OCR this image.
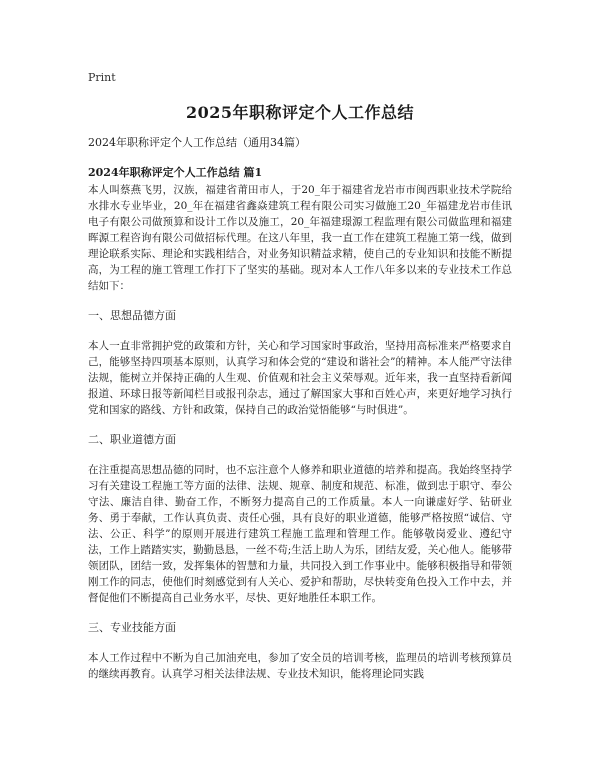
Print
2025年职称评定个人工作总结

2024年职称评定个人工作总结（通用34篇）

2024年职称评定个人工作总结 篇1

本人叫蔡燕飞男，汉族，福建省莆田市人，于20_年于福建省龙岩市市闽西职业技术学院给水排水专业毕业，20_年在福建省鑫焱建筑工程有限公司实习做施工20_年福建龙岩市佳讯电子有限公司做预算和设计工作以及施工，20_年福建璟源工程监理有限公司做监理和福建晖源工程咨询有限公司做招标代理。在这八年里，我一直工作在建筑工程施工第一线，做到理论联系实际、理论和实践相结合，对业务知识精益求精，使自己的专业知识和技能不断提高，为工程的施工管理工作打下了坚实的基础。现对本人工作八年多以来的专业技术工作总结如下：

一、思想品德方面

本人一直非常拥护党的政策和方针，关心和学习国家时事政治，坚持用高标准来严格要求自己，能够坚持四项基本原则，认真学习和体会党的“建设和谐社会”的精神。本人能严守法律法规，能树立并保持正确的人生观、价值观和社会主义荣辱观。近年来，我一直坚持看新闻报道、环球日报等新闻栏目或报刊杂志，通过了解国家大事和百姓心声，来更好地学习执行党和国家的路线、方针和政策，保持自己的政治觉悟能够“与时俱进”。

二、职业道德方面

在注重提高思想品德的同时，也不忘注意个人修养和职业道德的培养和提高。我始终坚持学习有关建设工程施工等方面的法律、法规、规章、制度和规范、标准，做到忠于职守、奉公守法、廉洁自律、勤奋工作，不断努力提高自己的工作质量。本人一向谦虚好学、钻研业务、勇于奉献，工作认真负责、责任心强，具有良好的职业道德，能够严格按照“诚信、守法、公正、科学”的原则开展进行建筑工程施工监理和管理工作。能够敬岗爱业、遵纪守法，工作上踏踏实实，勤勤恳恳，一丝不苟;生活上助人为乐，团结友爱，关心他人。能够带领团队，团结一致，发挥集体的智慧和力量，共同投入到工作事业中。能够积极指导和带领刚工作的同志，使他们时刻感觉到有人关心、爱护和帮助，尽快转变角色投入工作中去，并督促他们不断提高自己业务水平，尽快、更好地胜任本职工作。

三、专业技能方面

本人工作过程中不断为自己加油充电，参加了安全员的培训考核，监理员的培训考核预算员的继续再教育。认真学习相关法律法规、专业技术知识，能将理论同实践
